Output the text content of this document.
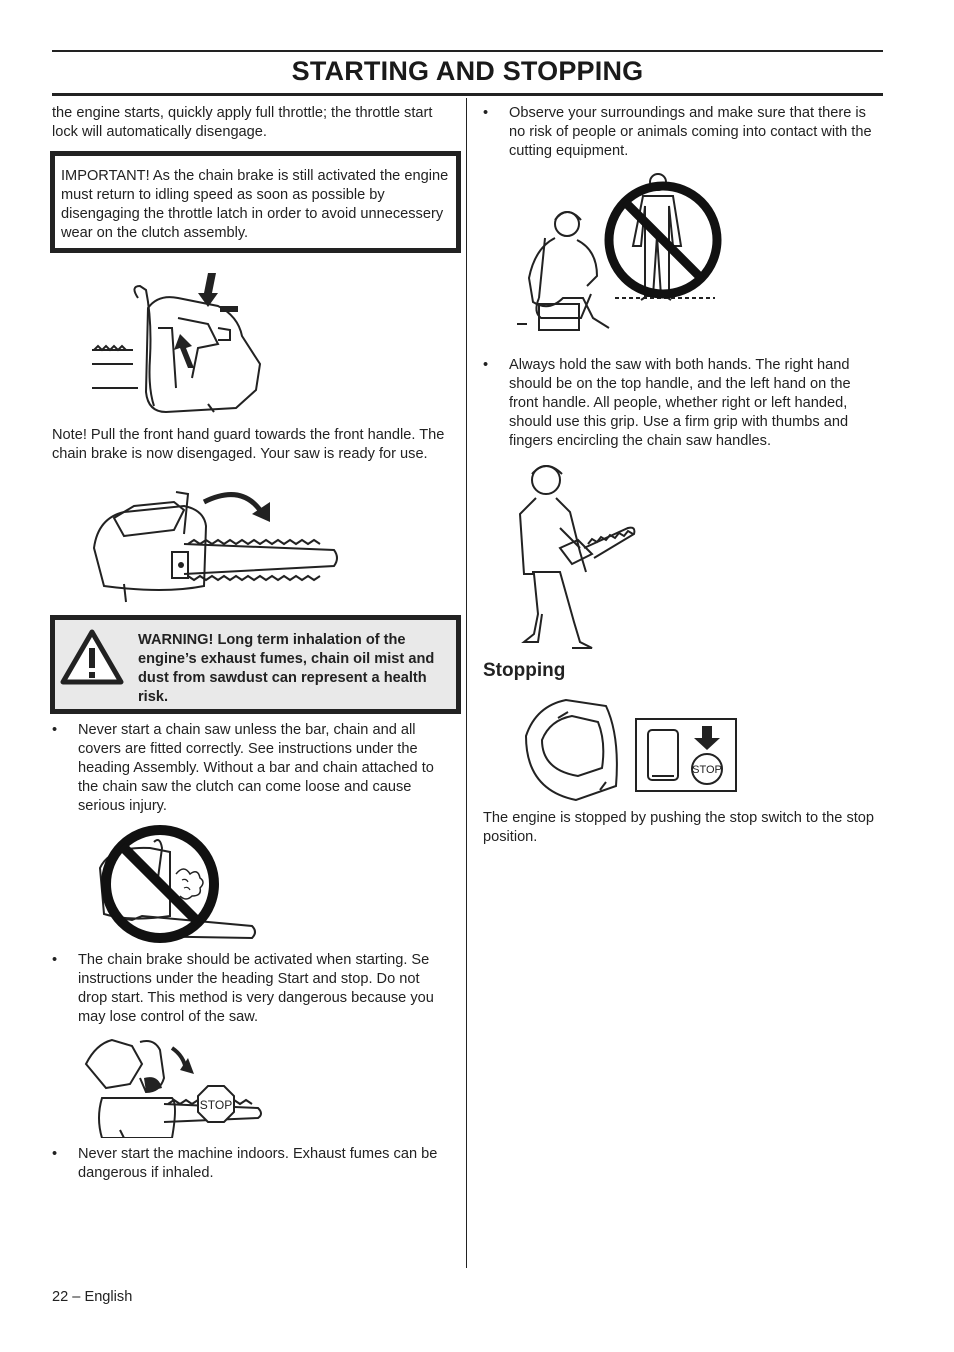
STARTING AND STOPPING
the engine starts, quickly apply full throttle; the throttle start lock will automatically disengage.
IMPORTANT! As the chain brake is still activated the engine must return to idling speed as soon as possible by disengaging the throttle latch in order to avoid unnecessery wear on the clutch assembly.
Note! Pull the front hand guard towards the front handle. The chain brake is now disengaged. Your saw is ready for use.
WARNING! Long term inhalation of the engine’s exhaust fumes, chain oil mist and dust from sawdust can represent a health risk.
• Never start a chain saw unless the bar, chain and all covers are fitted correctly. See instructions under the heading Assembly. Without a bar and chain attached to the chain saw the clutch can come loose and cause serious injury.
• The chain brake should be activated when starting. Se instructions under the heading Start and stop. Do not drop start. This method is very dangerous because you may lose control of the saw.
STOP
• Never start the machine indoors. Exhaust fumes can be dangerous if inhaled.
• Observe your surroundings and make sure that there is no risk of people or animals coming into contact with the cutting equipment.
• Always hold the saw with both hands. The right hand should be on the top handle, and the left hand on the front handle. All people, whether right or left handed, should use this grip. Use a firm grip with thumbs and fingers encircling the chain saw handles.
Stopping
STOP
The engine is stopped by pushing the stop switch to the stop position.
22 – English
